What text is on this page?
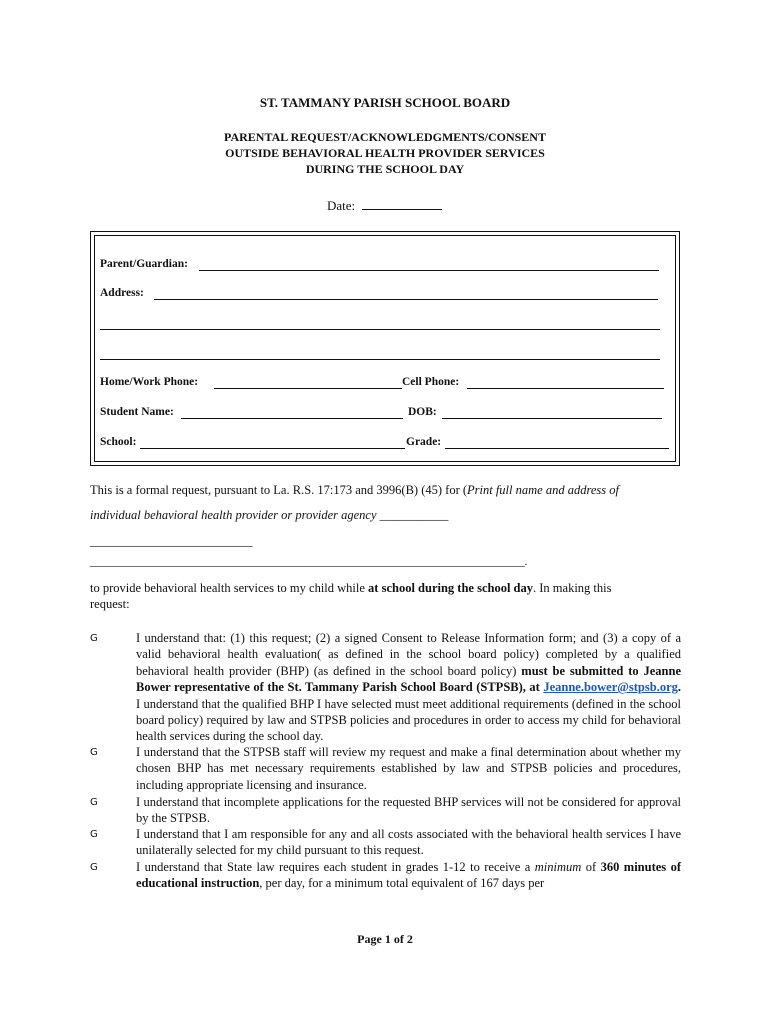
ST. TAMMANY PARISH SCHOOL BOARD
PARENTAL REQUEST/ACKNOWLEDGMENTS/CONSENT
OUTSIDE BEHAVIORAL HEALTH PROVIDER SERVICES
DURING THE SCHOOL DAY
Date:
Parent/Guardian:
Address:
Home/Work Phone:	Cell Phone:
Student Name:	DOB:
School:	Grade:
This is a formal request, pursuant to La. R.S. 17:173 and 3996(B) (45) for (Print full name and address of
individual behavioral health provider or provider agency ___________
__________________________
_______________________________________________________________________________.
to provide behavioral health services to my child while at school during the school day. In making this
request:
G	I understand that: (1) this request; (2) a signed Consent to Release Information form; and (3) a copy of a valid behavioral health evaluation( as defined in the school board policy) completed by a qualified behavioral health provider (BHP) (as defined in the school board policy) must be submitted to Jeanne Bower representative of the St. Tammany Parish School Board (STPSB), at Jeanne.bower@stpsb.org. I understand that the qualified BHP I have selected must meet additional requirements (defined in the school board policy) required by law and STPSB policies and procedures in order to access my child for behavioral health services during the school day.
G	I understand that the STPSB staff will review my request and make a final determination about whether my chosen BHP has met necessary requirements established by law and STPSB policies and procedures, including appropriate licensing and insurance.
G	I understand that incomplete applications for the requested BHP services will not be considered for approval by the STPSB.
G	I understand that I am responsible for any and all costs associated with the behavioral health services I have unilaterally selected for my child pursuant to this request.
G	I understand that State law requires each student in grades 1-12 to receive a minimum of 360 minutes of educational instruction, per day, for a minimum total equivalent of 167 days per
Page 1 of 2
